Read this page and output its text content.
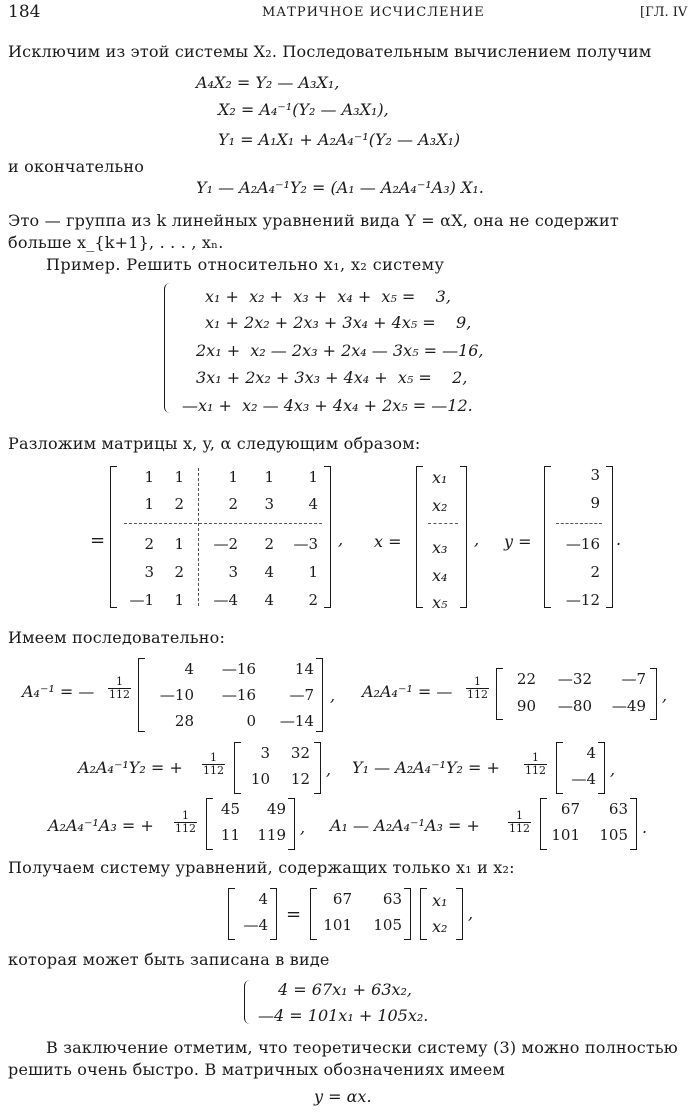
184	МАТРИЧНОЕ ИСЧИСЛЕНИЕ	[ГЛ. IV
Исключим из этой системы X₂. Последовательным вычислением получим
A₄X₂ = Y₂ — A₃X₁,
X₂ = A₄⁻¹(Y₂ — A₃X₁),
Y₁ = A₁X₁ + A₂A₄⁻¹(Y₂ — A₃X₁)
и окончательно
Y₁ — A₂A₄⁻¹Y₂ = (A₁ — A₂A₄⁻¹A₃) X₁.
Это — группа из k линейных уравнений вида Y = αX, она не содержит
больше x_{k+1}, . . . , xₙ.
Пример. Решить относительно x₁, x₂ систему
x₁ +  x₂ +  x₃ +  x₄ +  x₅ =    3,
x₁ + 2x₂ + 2x₃ + 3x₄ + 4x₅ =    9,
2x₁ +  x₂ — 2x₃ + 2x₄ — 3x₅ = —16,
3x₁ + 2x₂ + 3x₃ + 4x₄ +  x₅ =    2,
—x₁ +  x₂ — 4x₃ + 4x₄ + 2x₅ = —12.
Разложим матрицы x, y, α следующим образом:
=
1	1	1	1	1
1	2	2	3	4
2	1	—2	2	—3
3	2	3	4	1
—1	1	—4	4	2
, x =
x₁
x₂
x₃
x₄
x₅
, y =
3
9
—16
2
—12
.
Имеем последовательно:
A₄⁻¹ = — $\frac{1}{112}$
4	—16	14
—10	—16	—7
28	0	—14
, A₂A₄⁻¹ = — $\frac{1}{112}$	22	—32	—7
90	—80	—49
,
A₂A₄⁻¹Y₂ = + $\frac{1}{112}$	3	32
10	12 , Y₁ — A₂A₄⁻¹Y₂ = + $\frac{1}{112}$	4
—4 ,
A₂A₄⁻¹A₃ = + $\frac{1}{112}$
45	49
11	119 , A₁ — A₂A₄⁻¹A₃ = +	$\frac{1}{112}$
67	63
101	105 .
Получаем систему уравнений, содержащих только x₁ и x₂:
4
—4 =
67	63
101	105
x₁
x₂
,
которая может быть записана в виде
4 = 67x₁ + 63x₂,
—4 = 101x₁ + 105x₂.
В заключение отметим, что теоретически систему (3) можно полностью
решить очень быстро. В матричных обозначениях имеем
y = αx.
